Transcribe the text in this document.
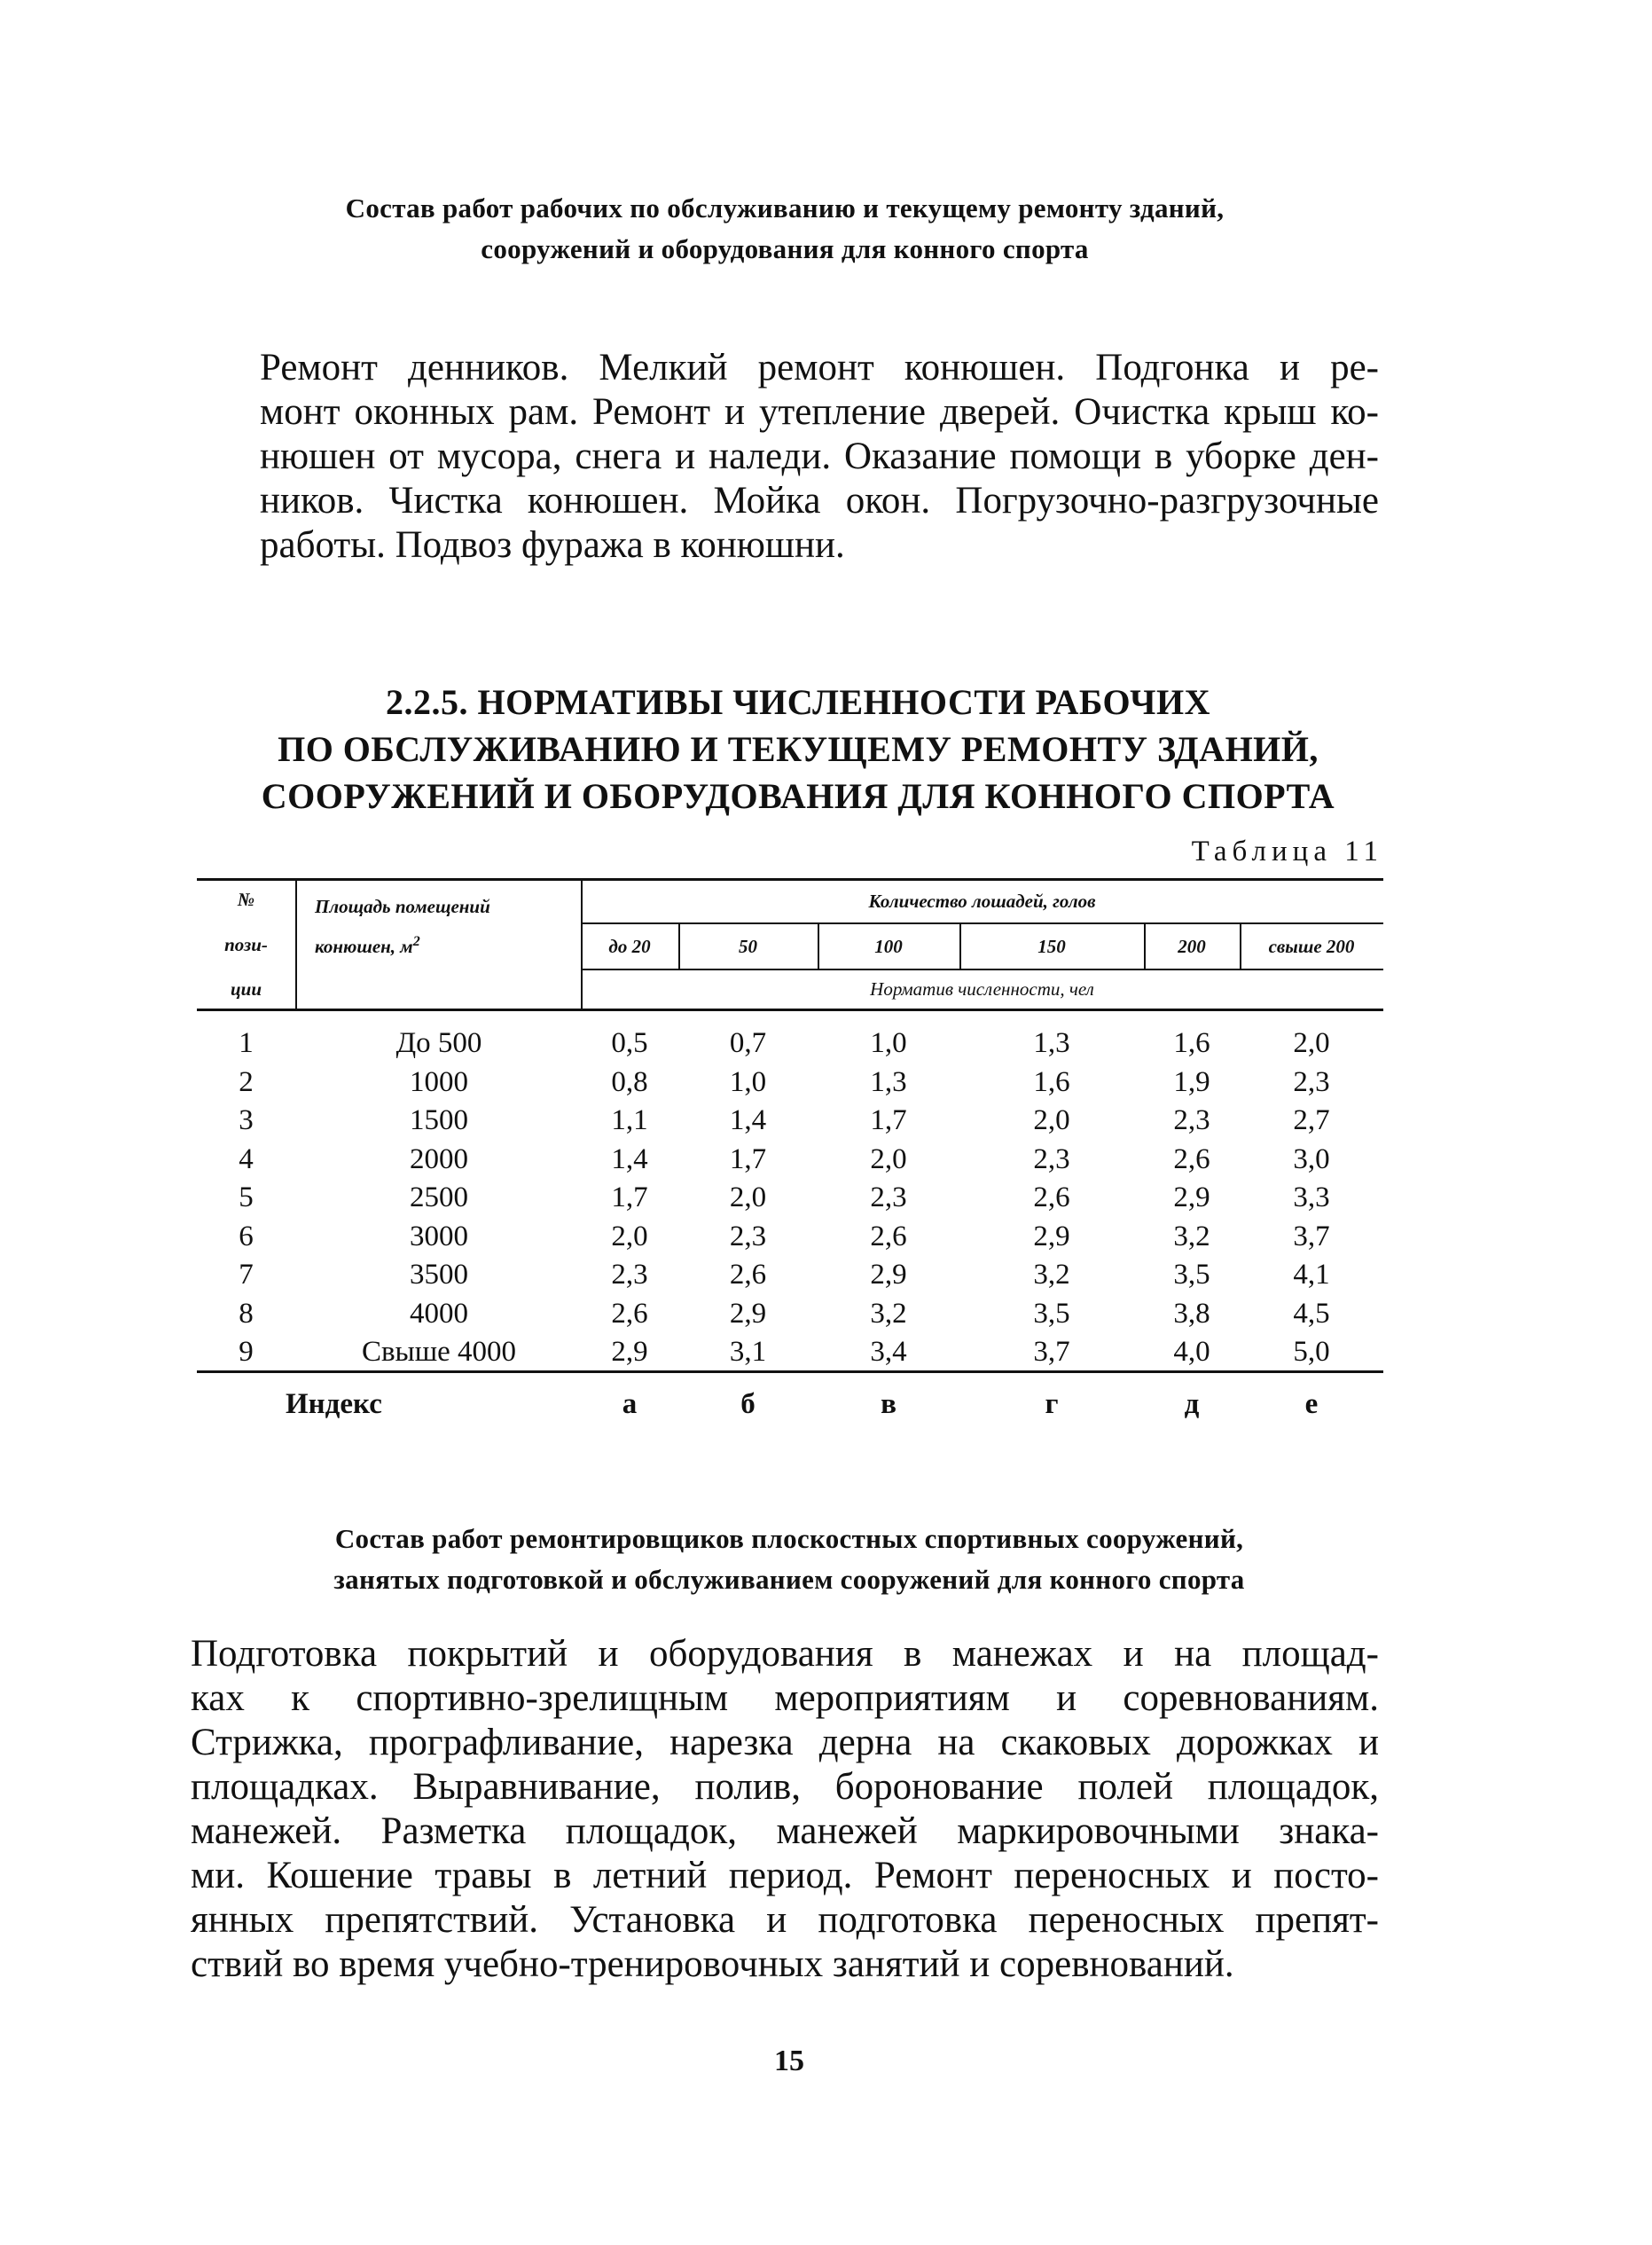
Состав работ рабочих по обслуживанию и текущему ремонту зданий,
сооружений и оборудования для конного спорта
Ремонт денников. Мелкий ремонт конюшен. Подгонка и ре-
монт оконных рам. Ремонт и утепление дверей. Очистка крыш ко-
нюшен от мусора, снега и наледи. Оказание помощи в уборке ден-
ников. Чистка конюшен. Мойка окон. Погрузочно-разгрузочные
работы. Подвоз фуража в конюшни.
2.2.5. НОРМАТИВЫ ЧИСЛЕННОСТИ РАБОЧИХ
ПО ОБСЛУЖИВАНИЮ И ТЕКУЩЕМУ РЕМОНТУ ЗДАНИЙ,
СООРУЖЕНИЙ И ОБОРУДОВАНИЯ ДЛЯ КОННОГО СПОРТА
Таблица 11
№
пози-
ции
Площадь помещений
конюшен, $м^2$
Количество лошадей, голов
до 20	50	100	150	200	свыше 200
Норматив численности, чел
1	До 500	0,5	0,7	1,0	1,3	1,6	2,0
2	1000	0,8	1,0	1,3	1,6	1,9	2,3
3	1500	1,1	1,4	1,7	2,0	2,3	2,7
4	2000	1,4	1,7	2,0	2,3	2,6	3,0
5	2500	1,7	2,0	2,3	2,6	2,9	3,3
6	3000	2,0	2,3	2,6	2,9	3,2	3,7
7	3500	2,3	2,6	2,9	3,2	3,5	4,1
8	4000	2,6	2,9	3,2	3,5	3,8	4,5
9	Свыше 4000	2,9	3,1	3,4	3,7	4,0	5,0
Индекс	а	б	в	г	д	е
Состав работ ремонтировщиков плоскостных спортивных сооружений,
занятых подготовкой и обслуживанием сооружений для конного спорта
Подготовка покрытий и оборудования в манежах и на площад-
ках к спортивно-зрелищным мероприятиям и соревнованиям.
Стрижка, прографливание, нарезка дерна на скаковых дорожках и
площадках. Выравнивание, полив, боронование полей площадок,
манежей. Разметка площадок, манежей маркировочными знака-
ми. Кошение травы в летний период. Ремонт переносных и посто-
янных препятствий. Установка и подготовка переносных препят-
ствий во время учебно-тренировочных занятий и соревнований.
15
